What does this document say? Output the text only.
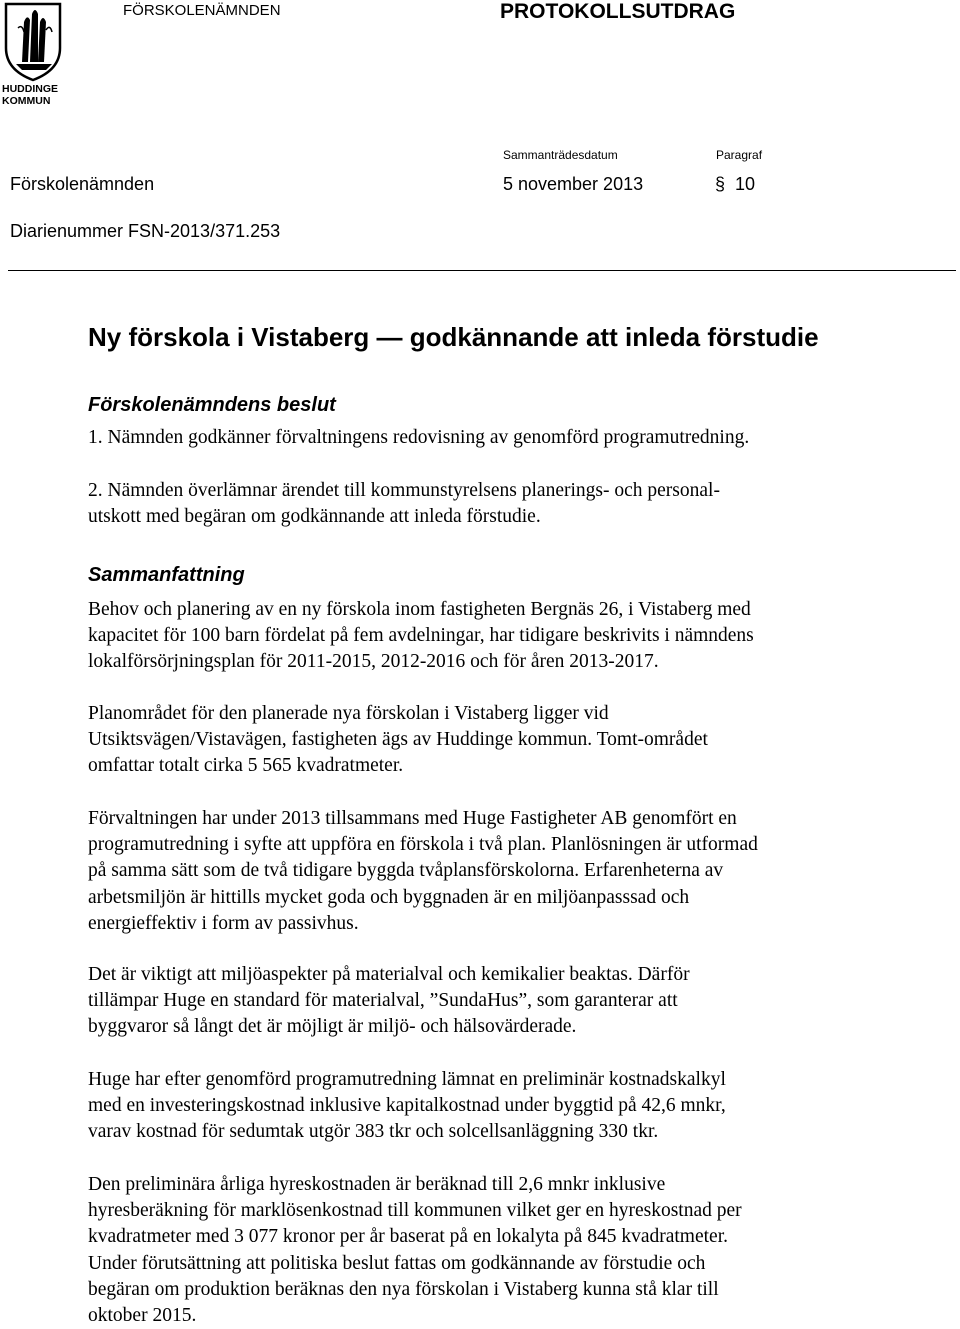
HUDDINGE
KOMMUN
FÖRSKOLENÄMNDEN	PROTOKOLLSUTDRAG
Sammanträdesdatum	Paragraf
Förskolenämnden	5 november 2013	§ 10
Diarienummer FSN-2013/371.253
Ny förskola i Vistaberg — godkännande att inleda förstudie
Förskolenämndens beslut
1. Nämnden godkänner förvaltningens redovisning av genomförd programutredning.
2. Nämnden överlämnar ärendet till kommunstyrelsens planerings- och personal-
utskott med begäran om godkännande att inleda förstudie.
Sammanfattning
Behov och planering av en ny förskola inom fastigheten Bergnäs 26, i Vistaberg med
kapacitet för 100 barn fördelat på fem avdelningar, har tidigare beskrivits i nämndens
lokalförsörjningsplan för 2011-2015, 2012-2016 och för åren 2013-2017.
Planområdet för den planerade nya förskolan i Vistaberg ligger vid
Utsiktsvägen/Vistavägen, fastigheten ägs av Huddinge kommun. Tomt-området
omfattar totalt cirka 5 565 kvadratmeter.
Förvaltningen har under 2013 tillsammans med Huge Fastigheter AB genomfört en
programutredning i syfte att uppföra en förskola i två plan. Planlösningen är utformad
på samma sätt som de två tidigare byggda tvåplansförskolorna. Erfarenheterna av
arbetsmiljön är hittills mycket goda och byggnaden är en miljöanpasssad och
energieffektiv i form av passivhus.
Det är viktigt att miljöaspekter på materialval och kemikalier beaktas. Därför
tillämpar Huge en standard för materialval, ”SundaHus”, som garanterar att
byggvaror så långt det är möjligt är miljö- och hälsovärderade.
Huge har efter genomförd programutredning lämnat en preliminär kostnadskalkyl
med en investeringskostnad inklusive kapitalkostnad under byggtid på 42,6 mnkr,
varav kostnad för sedumtak utgör 383 tkr och solcellsanläggning 330 tkr.
Den preliminära årliga hyreskostnaden är beräknad till 2,6 mnkr inklusive
hyresberäkning för marklösenkostnad till kommunen vilket ger en hyreskostnad per
kvadratmeter med 3 077 kronor per år baserat på en lokalyta på 845 kvadratmeter.
Under förutsättning att politiska beslut fattas om godkännande av förstudie och
begäran om produktion beräknas den nya förskolan i Vistaberg kunna stå klar till
oktober 2015.
